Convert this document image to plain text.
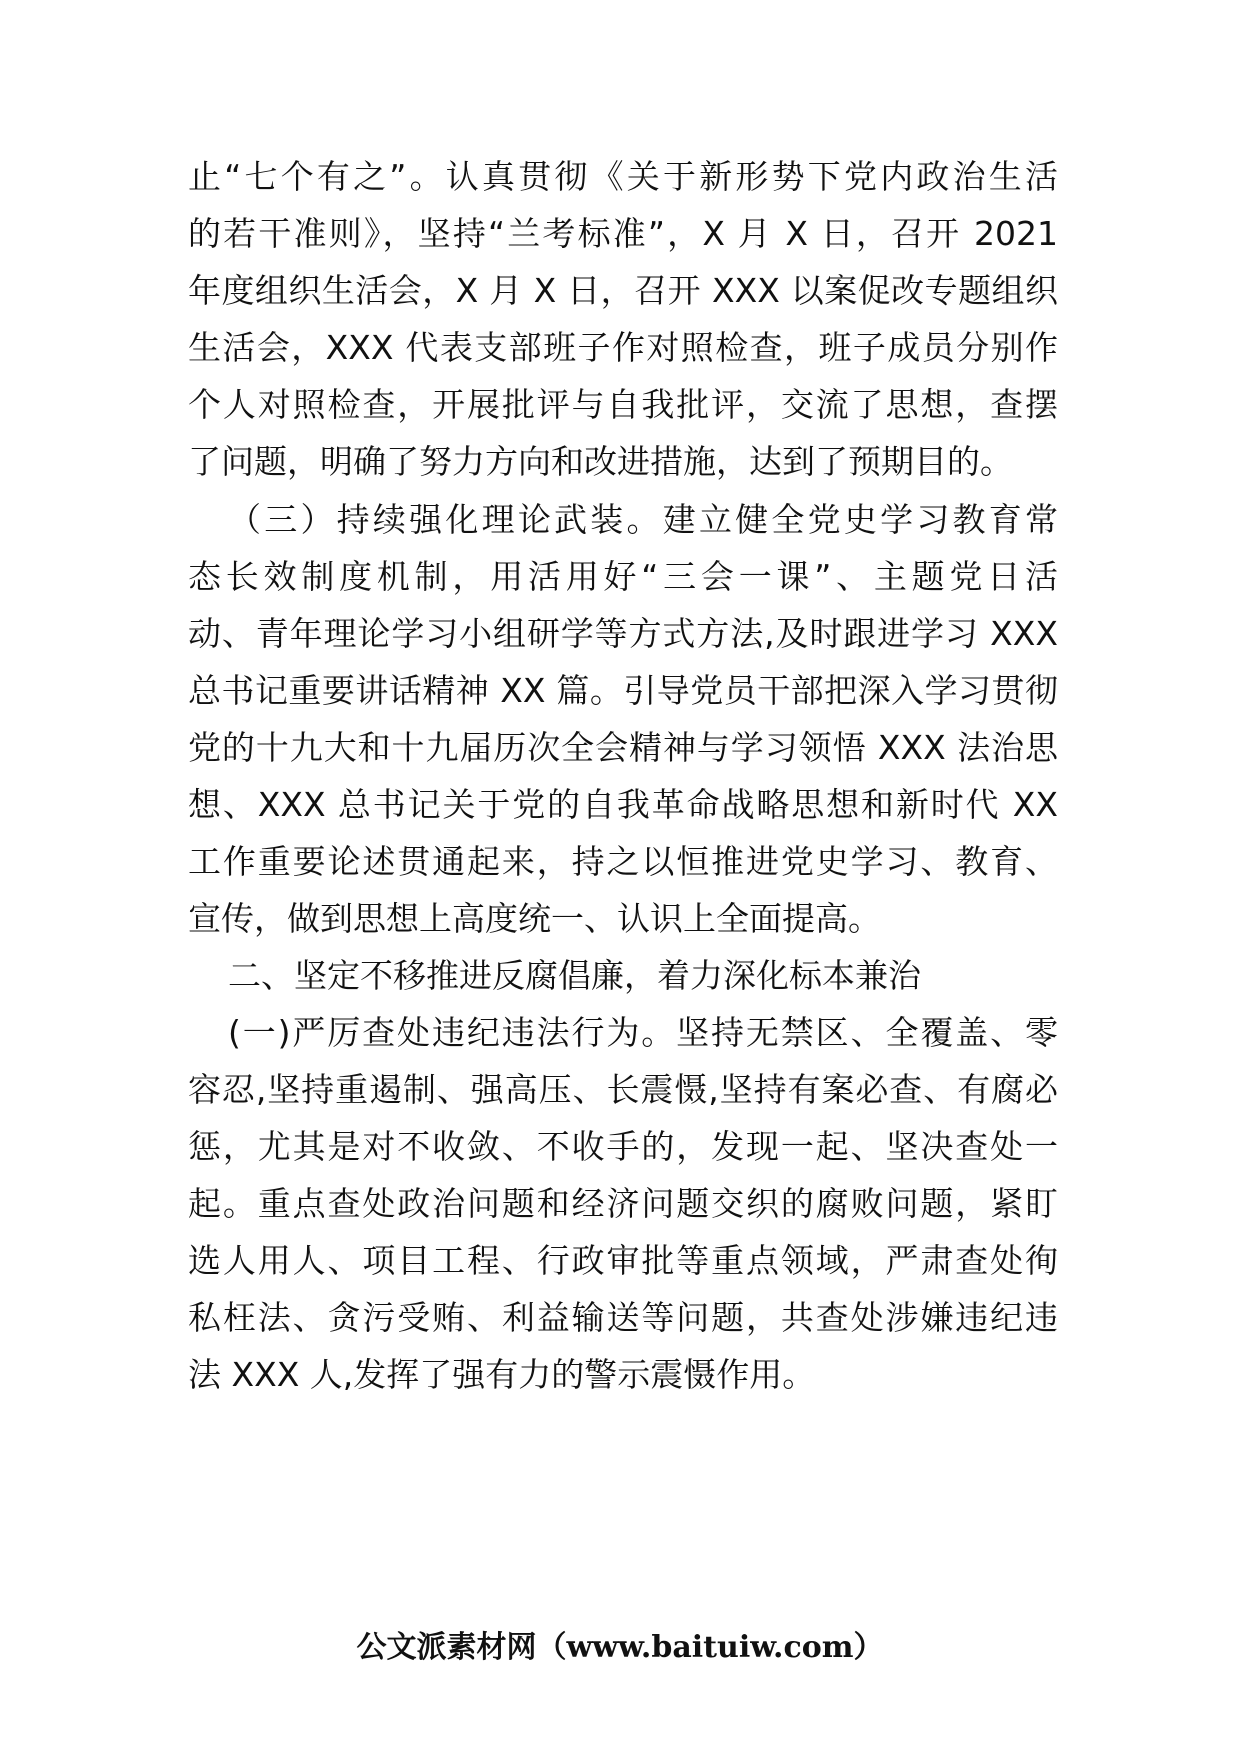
止“七个有之”。认真贯彻《关于新形势下党内政治生活
的若干准则》，坚持“兰考标准”，X 月 X 日，召开 2021
年度组织生活会，X 月 X 日，召开 XXX 以案促改专题组织
生活会，XXX 代表支部班子作对照检查，班子成员分别作
个人对照检查，开展批评与自我批评，交流了思想，查摆
了问题，明确了努力方向和改进措施，达到了预期目的。
（三）持续强化理论武装。建立健全党史学习教育常
态长效制度机制，用活用好“三会一课”、主题党日活
动、青年理论学习小组研学等方式方法,及时跟进学习 XXX
总书记重要讲话精神 XX 篇。引导党员干部把深入学习贯彻
党的十九大和十九届历次全会精神与学习领悟 XXX 法治思
想、XXX 总书记关于党的自我革命战略思想和新时代 XX
工作重要论述贯通起来，持之以恒推进党史学习、教育、
宣传，做到思想上高度统一、认识上全面提高。
二、坚定不移推进反腐倡廉，着力深化标本兼治
(一)严厉查处违纪违法行为。坚持无禁区、全覆盖、零
容忍,坚持重遏制、强高压、长震慑,坚持有案必查、有腐必
惩，尤其是对不收敛、不收手的，发现一起、坚决查处一
起。重点查处政治问题和经济问题交织的腐败问题，紧盯
选人用人、项目工程、行政审批等重点领域，严肃查处徇
私枉法、贪污受贿、利益输送等问题，共查处涉嫌违纪违
法 XXX 人,发挥了强有力的警示震慑作用。
公文派素材网（www.baituiw.com）
